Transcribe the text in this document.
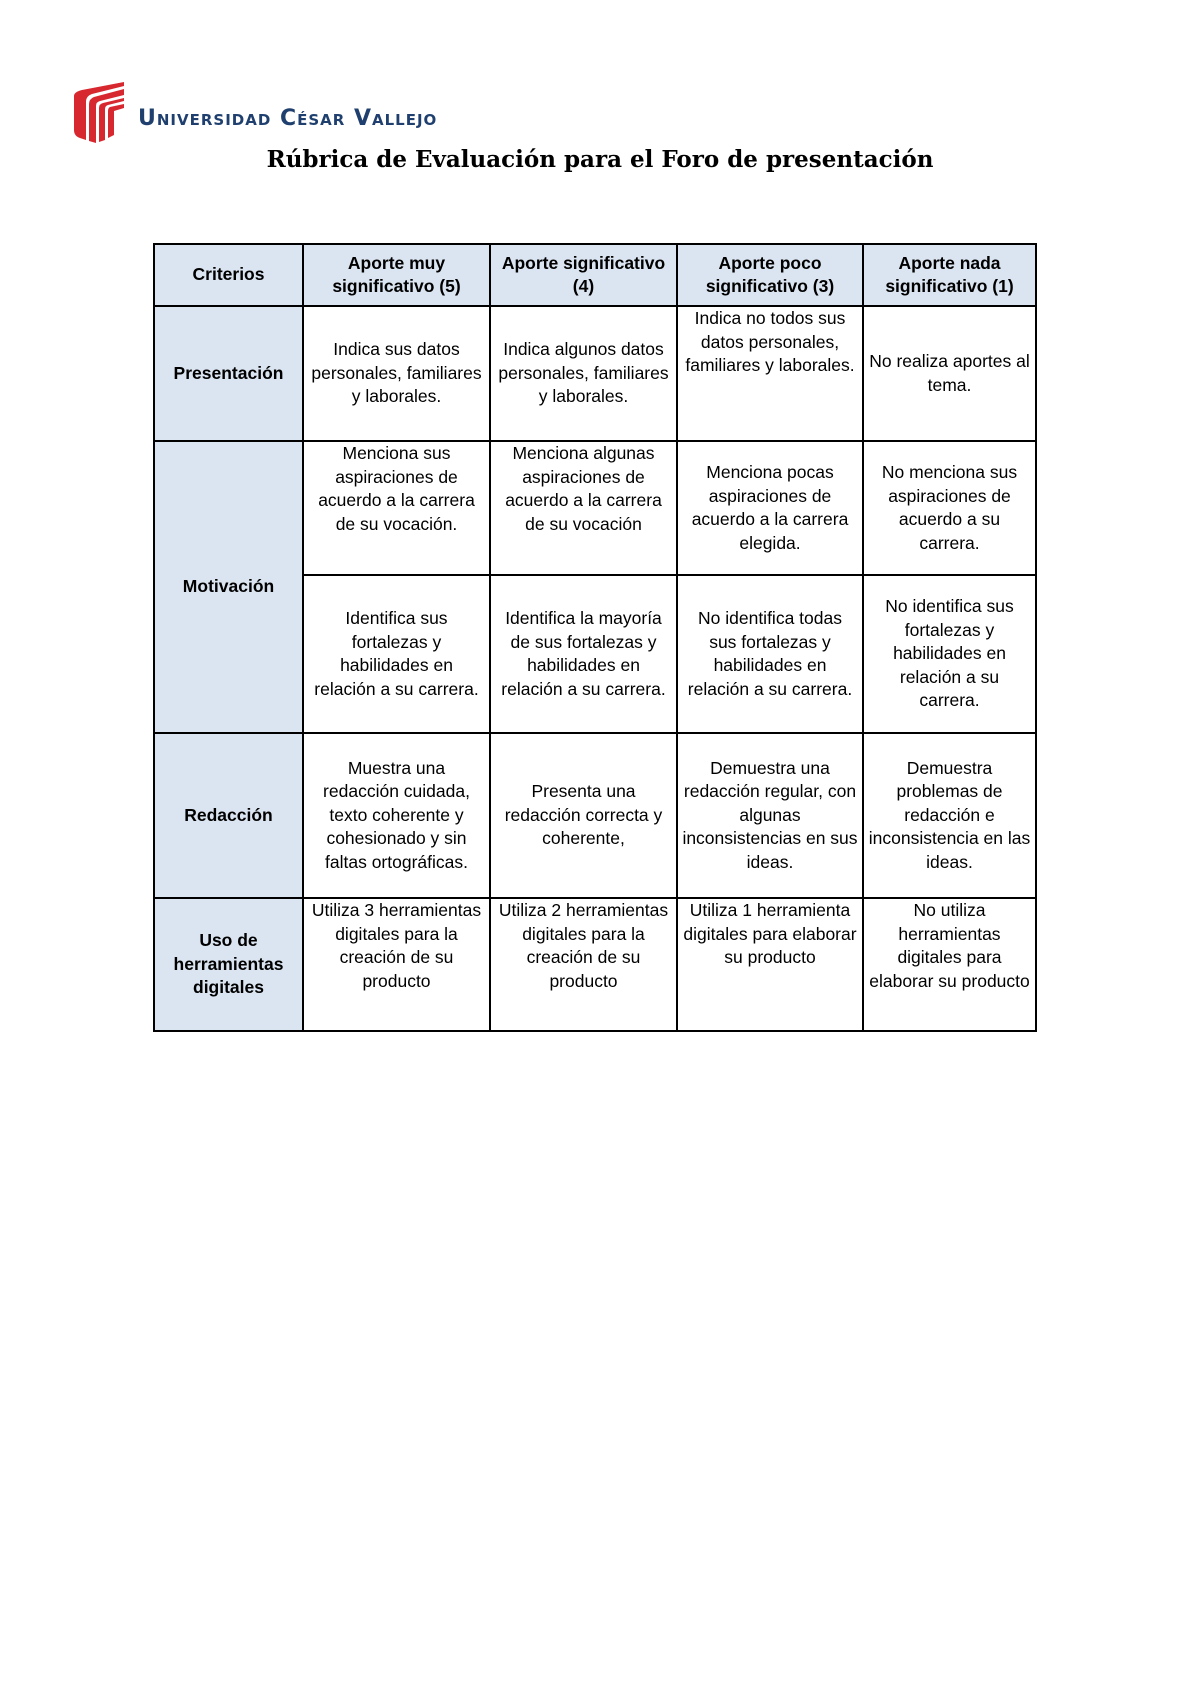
Universidad César Vallejo
Rúbrica de Evaluación para el Foro de presentación
Criterios	Aporte muy significativo (5)	Aporte significativo (4)	Aporte poco significativo (3)	Aporte nada significativo (1)
Presentación	Indica sus datos personales, familiares y laborales.	Indica algunos datos personales, familiares y laborales.	Indica no todos sus datos personales, familiares y laborales.	No realiza aportes al tema.
Motivación	Menciona sus aspiraciones de acuerdo a la carrera de su vocación.	Menciona algunas aspiraciones de acuerdo a la carrera de su vocación	Menciona pocas aspiraciones de acuerdo a la carrera elegida.	No menciona sus aspiraciones de acuerdo a su carrera.
	Identifica sus fortalezas y habilidades en relación a su carrera.	Identifica la mayoría de sus fortalezas y habilidades en relación a su carrera.	No identifica todas sus fortalezas y habilidades en relación a su carrera.	No identifica sus fortalezas y habilidades en relación a su carrera.
Redacción	Muestra una redacción cuidada, texto coherente y cohesionado y sin faltas ortográficas.	Presenta una redacción correcta y coherente,	Demuestra una redacción regular, con algunas inconsistencias en sus ideas.	Demuestra problemas de redacción e inconsistencia en las ideas.
Uso de herramientas digitales	Utiliza 3 herramientas digitales para la creación de su producto	Utiliza 2 herramientas digitales para la creación de su producto	Utiliza 1 herramienta digitales para elaborar su producto	No utiliza herramientas digitales para elaborar su producto
